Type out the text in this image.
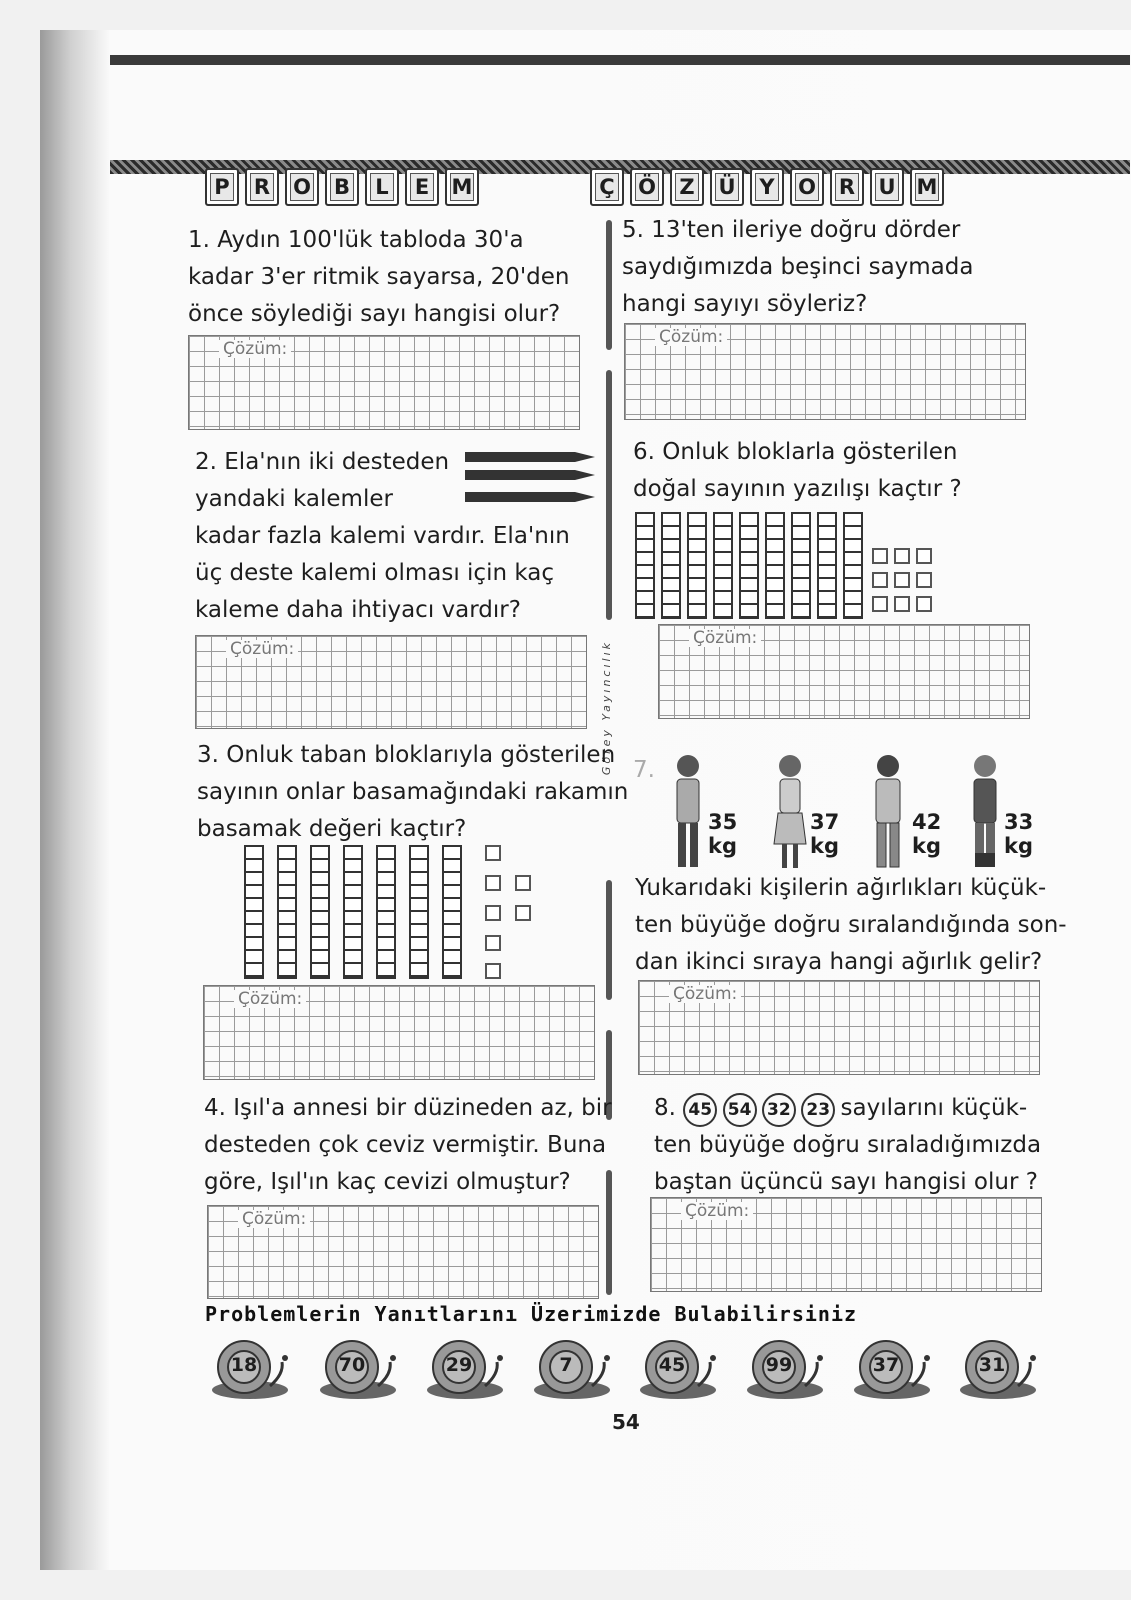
P	R	O	B	L	E	M	Ç	Ö	Z	Ü	Y	O	R	U	M
Görey Yayıncılık
1. Aydın 100'lük tabloda 30'a
kadar 3'er ritmik sayarsa, 20'den
önce söylediği sayı hangisi olur?
Çözüm:
2. Ela'nın iki desteden
yandaki kalemler
kadar fazla kalemi vardır. Ela'nın
üç deste kalemi olması için kaç
kaleme daha ihtiyacı vardır?
Çözüm:
3. Onluk taban bloklarıyla gösterilen
sayının onlar basamağındaki rakamın
basamak değeri kaçtır?
Çözüm:
4. Işıl'a annesi bir düzineden az, bir
desteden çok ceviz vermiştir. Buna
göre, Işıl'ın kaç cevizi olmuştur?
Çözüm:
5. 13'ten ileriye doğru dörder
saydığımızda beşinci saymada
hangi sayıyı söyleriz?
Çözüm:
6. Onluk bloklarla gösterilen
doğal sayının yazılışı kaçtır ?
Çözüm:
7.
35
kg
37
kg
42
kg
33
kg
Yukarıdaki kişilerin ağırlıkları küçük-
ten büyüğe doğru sıralandığında son-
dan ikinci sıraya hangi ağırlık gelir?
Çözüm:
8. 45 54 32 23 sayılarını küçük-
ten büyüğe doğru sıraladığımızda
baştan üçüncü sayı hangisi olur ?
Çözüm:
Problemlerin Yanıtlarını Üzerimizde Bulabilirsiniz
18	70	29	7	45	99	37	31
54
